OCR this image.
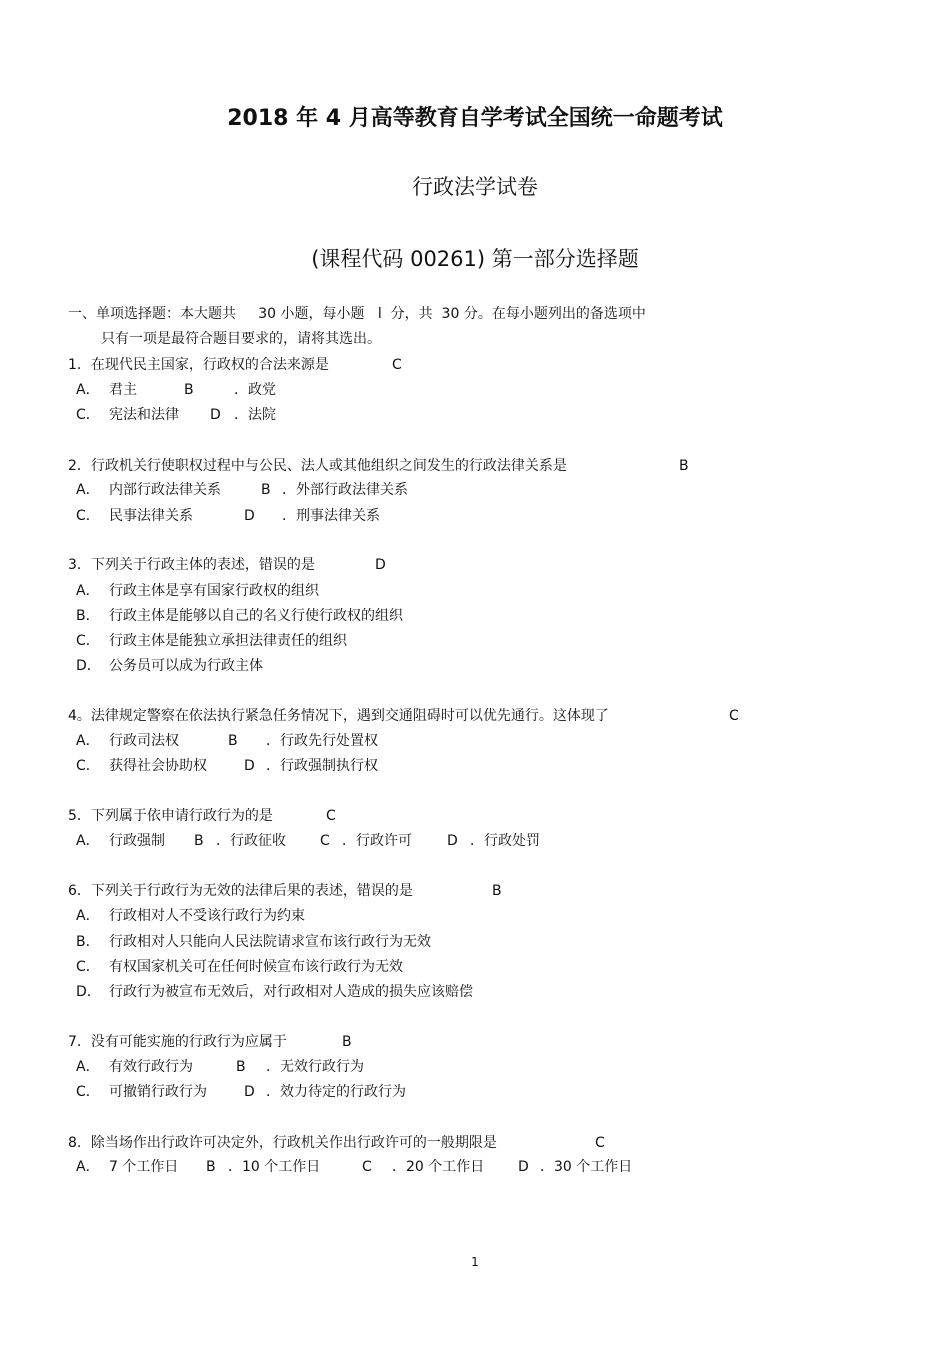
2018 年 4 月高等教育自学考试全国统一命题考试
行政法学试卷
(课程代码 00261) 第一部分选择题
一、单项选择题：本大题共     30 小题，每小题   l  分，共  30 分。在每小题列出的备选项中
只有一项是最符合题目要求的，请将其选出。
1．在现代民主国家，行政权的合法来源是	C
A． 君主	B	．政党
C． 宪法和法律 D ．法院
2．行政机关行使职权过程中与公民、法人或其他组织之间发生的行政法律关系是	B
A． 内部行政法律关系	B ．外部行政法律关系
C． 民事法律关系	D ．刑事法律关系
3．下列关于行政主体的表述，错误的是	D
A． 行政主体是享有国家行政权的组织
B． 行政主体是能够以自己的名义行使行政权的组织
C． 行政主体是能独立承担法律责任的组织
D． 公务员可以成为行政主体
4。法律规定警察在依法执行紧急任务情况下，遇到交通阻碍时可以优先通行。这体现了	C
A． 行政司法权	B ．行政先行处置权
C． 获得社会协助权	D ．行政强制执行权
5．下列属于依申请行政行为的是	C
A． 行政强制 B ．行政征收 C ．行政许可	D ．行政处罚
6．下列关于行政行为无效的法律后果的表述，错误的是	B
A． 行政相对人不受该行政行为约束
B． 行政相对人只能向人民法院请求宣布该行政行为无效
C． 有权国家机关可在任何时候宣布该行政行为无效
D． 行政行为被宣布无效后，对行政相对人造成的损失应该赔偿
7．没有可能实施的行政行为应属于	B
A． 有效行政行为	B ．无效行政行为
C． 可撤销行政行为	D ．效力待定的行政行为
8．除当场作出行政许可决定外，行政机关作出行政许可的一般期限是	C
A． 7 个工作日 B ．10 个工作日	C ．20 个工作日 D ．30 个工作日
1
